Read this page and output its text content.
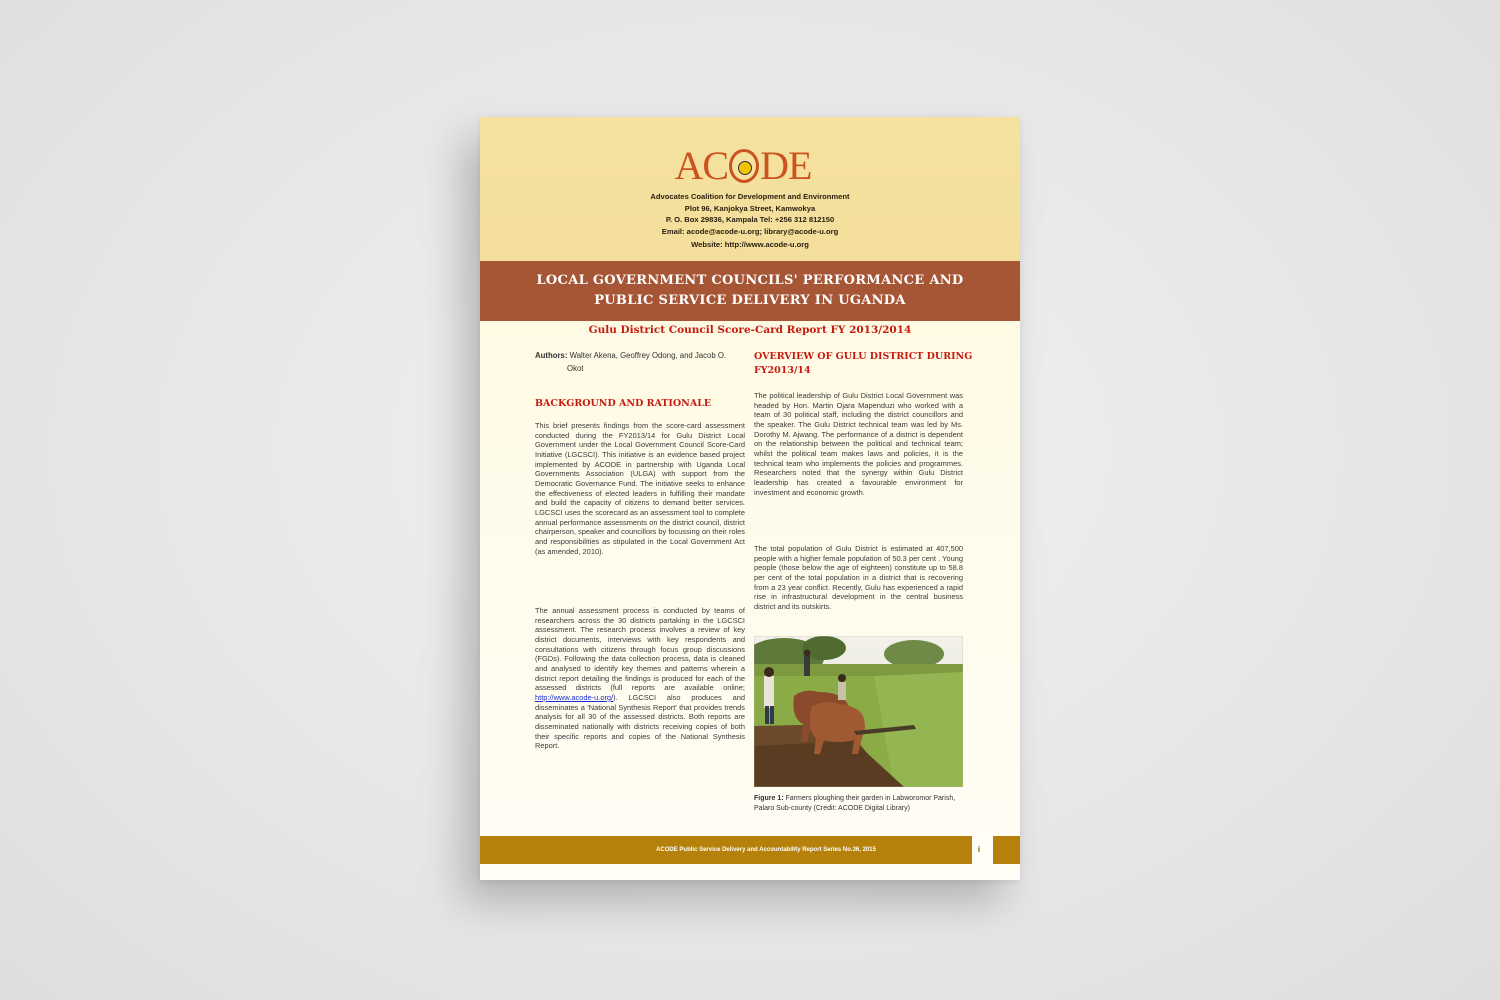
AC DE
Advocates Coalition for Development and Environment
Plot 96, Kanjokya Street, Kamwokya
P. O. Box 29836, Kampala Tel: +256 312 812150
Email: acode@acode-u.org; library@acode-u.org
Website: http://www.acode-u.org
LOCAL GOVERNMENT COUNCILS' PERFORMANCE AND PUBLIC SERVICE DELIVERY IN UGANDA
Gulu District Council Score-Card Report FY 2013/2014
Authors: Walter Akena, Geoffrey Odong, and Jacob O.
Okot
BACKGROUND AND RATIONALE

This brief presents findings from the score-card assessment conducted during the FY2013/14 for Gulu District Local Government under the Local Government Council Score-Card Initiative (LGCSCI). This initiative is an evidence based project implemented by ACODE in partnership with Uganda Local Governments Association (ULGA) with support from the Democratic Governance Fund. The initiative seeks to enhance the effectiveness of elected leaders in fulfilling their mandate and build the capacity of citizens to demand better services. LGCSCI uses the scorecard as an assessment tool to complete annual performance assessments on the district council, district chairperson, speaker and councillors by focussing on their roles and responsibilities as stipulated in the Local Government Act (as amended, 2010).

The annual assessment process is conducted by teams of researchers across the 30 districts partaking in the LGCSCI assessment. The research process involves a review of key district documents, interviews with key respondents and consultations with citizens through focus group discussions (FGDs). Following the data collection process, data is cleaned and analysed to identify key themes and patterns wherein a district report detailing the findings is produced for each of the assessed districts (full reports are available online; http://www.acode-u.org/). LGCSCI also produces and disseminates a 'National Synthesis Report' that provides trends analysis for all 30 of the assessed districts. Both reports are disseminated nationally with districts receiving copies of both their specific reports and copies of the National Synthesis Report.

OVERVIEW OF GULU DISTRICT DURING FY2013/14

The political leadership of Gulu District Local Government was headed by Hon. Martin Ojara Mapenduzi who worked with a team of 30 political staff, including the district councillors and the speaker. The Gulu District technical team was led by Ms. Dorothy M. Ajwang. The performance of a district is dependent on the relationship between the political and technical team; whilst the political team makes laws and policies, it is the technical team who implements the policies and programmes. Researchers noted that the synergy within Gulu District leadership has created a favourable environment for investment and economic growth.

The total population of Gulu District is estimated at 407,500 people with a higher female population of 50.3 per cent . Young people (those below the age of eighteen) constitute up to 58.8 per cent of the total population in a district that is recovering from a 23 year conflict. Recently, Gulu has experienced a rapid rise in infrastructural development in the central business district and its outskirts.

Figure 1: Farmers ploughing their garden in Labworomor Parish, Palaro Sub-county (Credit: ACODE Digital Library)
ACODE Public Service Delivery and Accountability Report Series No.36, 2015	i
